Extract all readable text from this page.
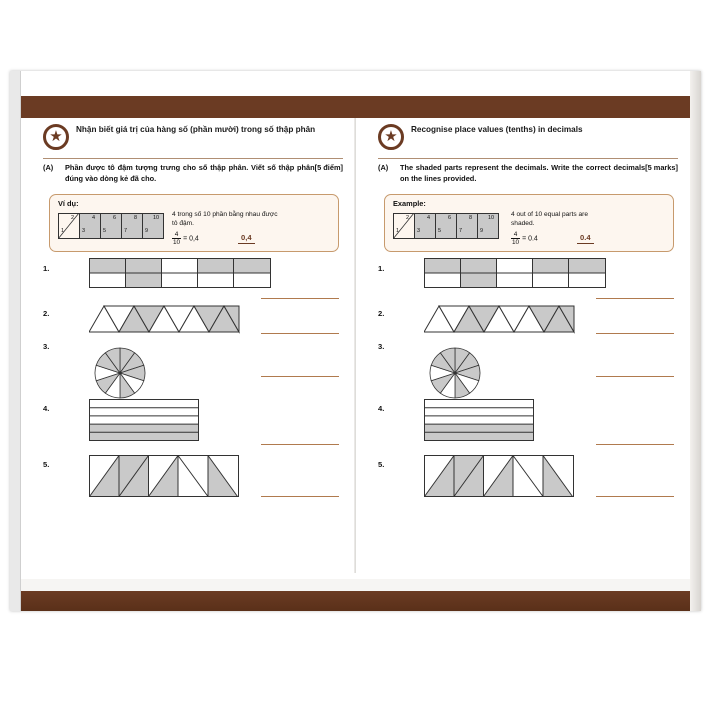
★ Nhận biết giá trị của hàng số (phần mười) trong số thập phân
(A)	[5 điểm]
Phần được tô đậm tượng trưng cho số thập phân. Viết số thập phân đúng vào dòng kẻ đã cho.
Ví dụ:
1
2
3
4
5
6
7
8
9
10 4 trong số 10 phần bằng nhau được tô đậm.
$\frac{4}{10} = 0,4$	0,4
1.
2.
3.
4.
5.
★ Recognise place values (tenths) in decimals
(A)	[5 marks]
The shaded parts represent the decimals. Write the correct decimals on the lines provided.
Example:
1
2
3
4
5
6
7
8
9
10	4 out of 10 equal parts are shaded.
$\frac{4}{10} = 0.4$	0.4
1.
2.
3.
4.
5.
